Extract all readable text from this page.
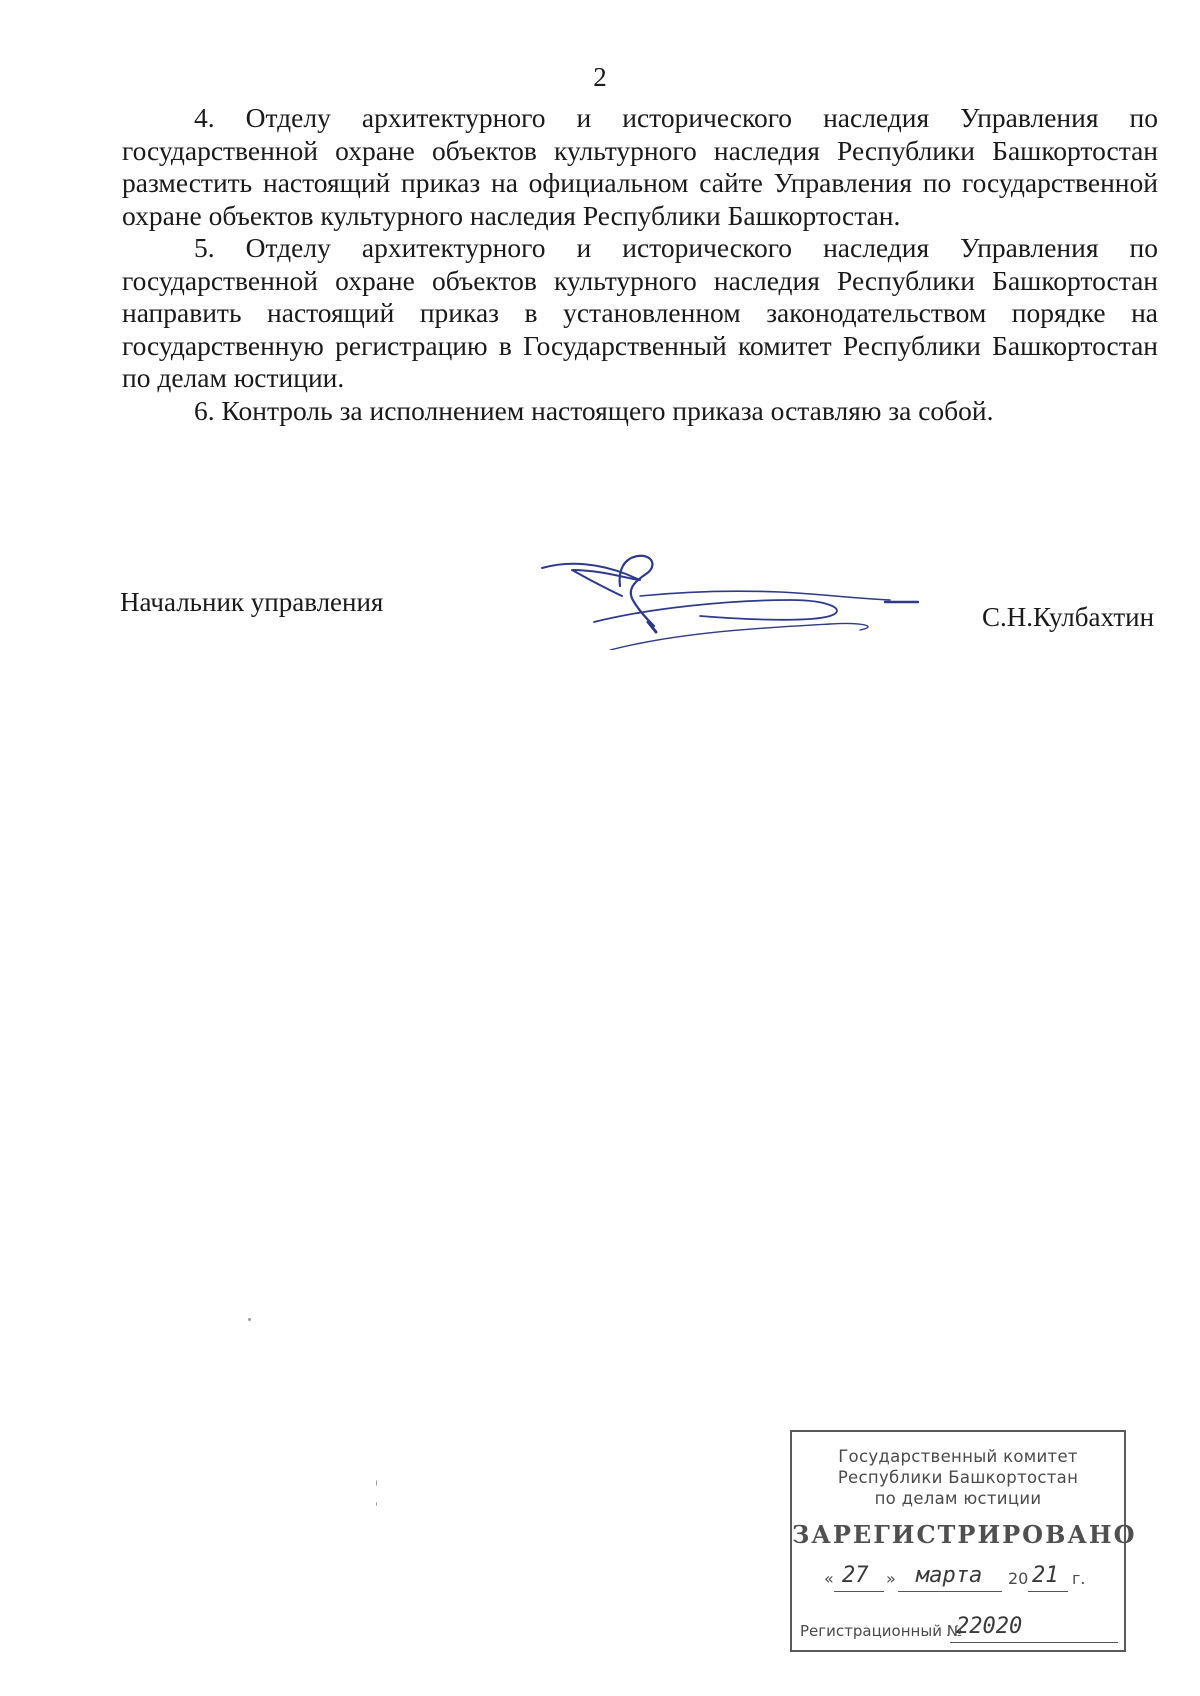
2

4. Отделу архитектурного и исторического наследия Управления по государственной охране объектов культурного наследия Республики Башкортостан разместить настоящий приказ на официальном сайте Управления по государственной охране объектов культурного наследия Республики Башкортостан.

5. Отделу архитектурного и исторического наследия Управления по государственной охране объектов культурного наследия Республики Башкортостан направить настоящий приказ в установленном законодательством порядке на государственную регистрацию в Государственный комитет Республики Башкортостан по делам юстиции.

6. Контроль за исполнением настоящего приказа оставляю за собой.

Начальник управления	С.Н.Кулбахтин
Государственный комитет
Республики Башкортостан
по делам юстиции
ЗАРЕГИСТРИРОВАНО
« 27 » марта 20 21 г.
Регистрационный №
22020
